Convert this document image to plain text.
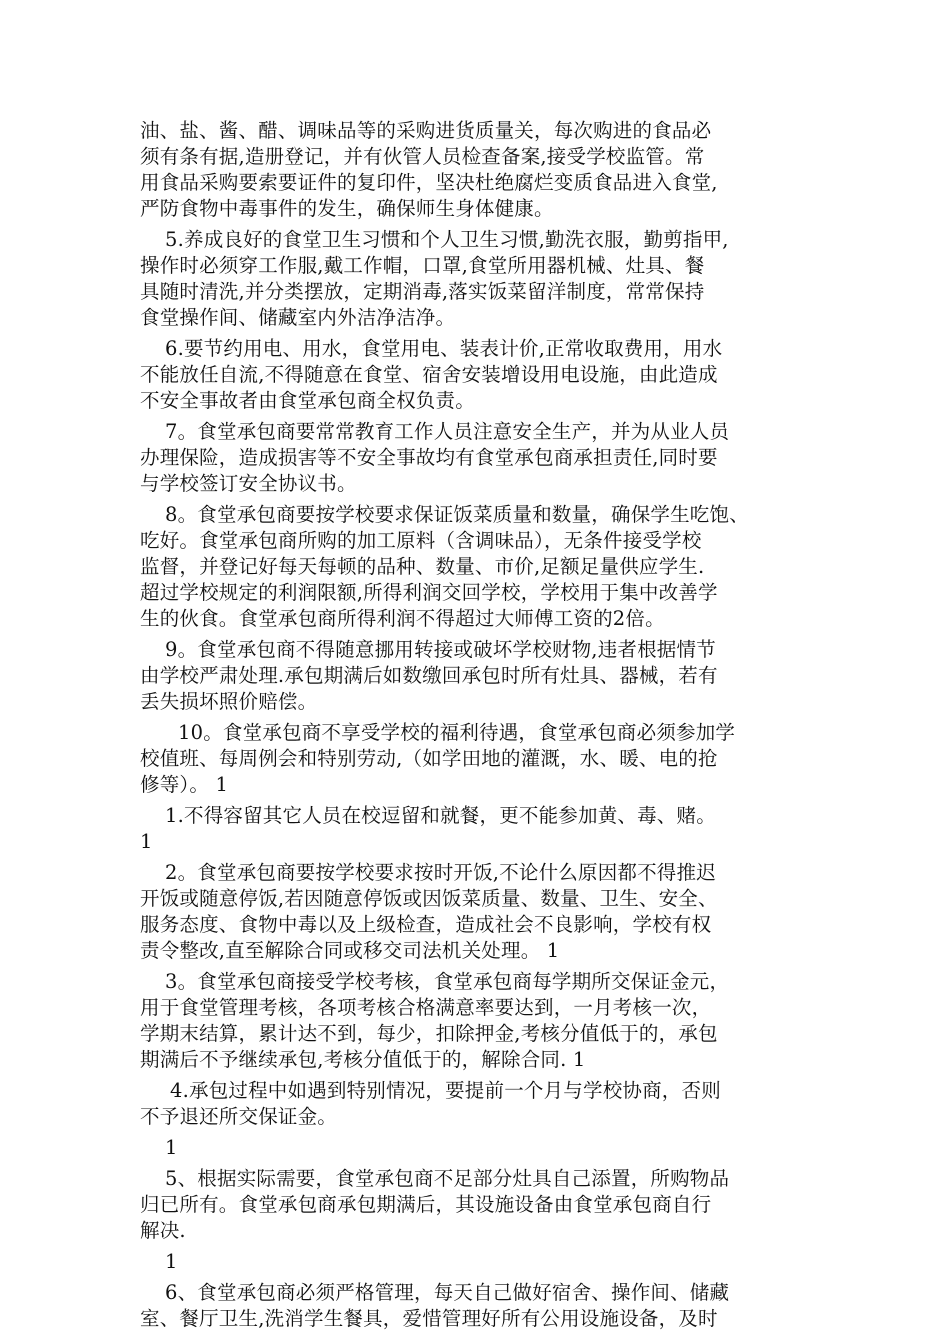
油、盐、酱、醋、调味品等的采购进货质量关，每次购进的食品必
须有条有据,造册登记，并有伙管人员检查备案,接受学校监管。常
用食品采购要索要证件的复印件，坚决杜绝腐烂变质食品进入食堂,
严防食物中毒事件的发生，确保师生身体健康。
5.养成良好的食堂卫生习惯和个人卫生习惯,勤洗衣服，勤剪指甲,
操作时必须穿工作服,戴工作帽，口罩,食堂所用器机械、灶具、餐
具随时清洗,并分类摆放，定期消毒,落实饭菜留洋制度，常常保持
食堂操作间、储藏室内外洁净洁净。
6.要节约用电、用水，食堂用电、装表计价,正常收取费用，用水
不能放任自流,不得随意在食堂、宿舍安装增设用电设施，由此造成
不安全事故者由食堂承包商全权负责。
7。食堂承包商要常常教育工作人员注意安全生产，并为从业人员
办理保险，造成损害等不安全事故均有食堂承包商承担责任,同时要
与学校签订安全协议书。
8。食堂承包商要按学校要求保证饭菜质量和数量，确保学生吃饱、
吃好。食堂承包商所购的加工原料（含调味品），无条件接受学校
监督，并登记好每天每顿的品种、数量、市价,足额足量供应学生.
超过学校规定的利润限额,所得利润交回学校，学校用于集中改善学
生的伙食。食堂承包商所得利润不得超过大师傅工资的2倍。
9。食堂承包商不得随意挪用转接或破坏学校财物,违者根据情节
由学校严肃处理.承包期满后如数缴回承包时所有灶具、器械，若有
丢失损坏照价赔偿。
10。食堂承包商不享受学校的福利待遇，食堂承包商必须参加学
校值班、每周例会和特别劳动,（如学田地的灌溉，水、暖、电的抢
修等）。 1
1.不得容留其它人员在校逗留和就餐，更不能参加黄、毒、赌。
1
2。食堂承包商要按学校要求按时开饭,不论什么原因都不得推迟
开饭或随意停饭,若因随意停饭或因饭菜质量、数量、卫生、安全、
服务态度、食物中毒以及上级检查，造成社会不良影响，学校有权
责令整改,直至解除合同或移交司法机关处理。 1
3。食堂承包商接受学校考核，食堂承包商每学期所交保证金元，
用于食堂管理考核，各项考核合格满意率要达到，一月考核一次，
学期末结算，累计达不到，每少，扣除押金,考核分值低于的，承包
期满后不予继续承包,考核分值低于的，解除合同. 1
4.承包过程中如遇到特别情况，要提前一个月与学校协商，否则
不予退还所交保证金。
1
5、根据实际需要，食堂承包商不足部分灶具自己添置，所购物品
归已所有。食堂承包商承包期满后，其设施设备由食堂承包商自行
解决.
1
6、食堂承包商必须严格管理，每天自己做好宿舍、操作间、储藏
室、餐厅卫生,洗消学生餐具，爱惜管理好所有公用设施设备，及时
